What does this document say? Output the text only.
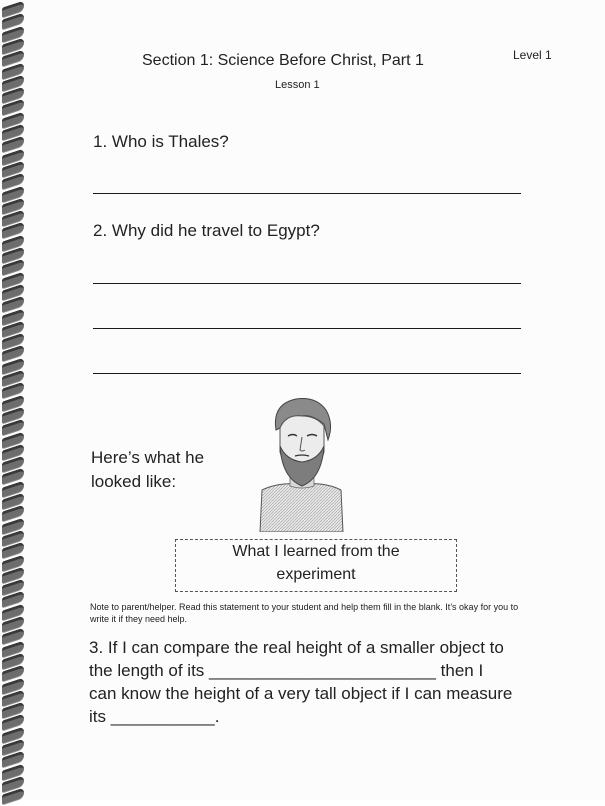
Section 1: Science Before Christ, Part 1	Level 1
Lesson 1
1. Who is Thales?
2. Why did he travel to Egypt?
Here’s what he looked like:
What I learned from the
experiment
Note to parent/helper. Read this statement to your student and help them fill in the blank. It’s okay for you to write it if they need help.
3. If I can compare the real height of a smaller object to
the length of its ________________________ then I
can know the height of a very tall object if I can measure
its ___________.
